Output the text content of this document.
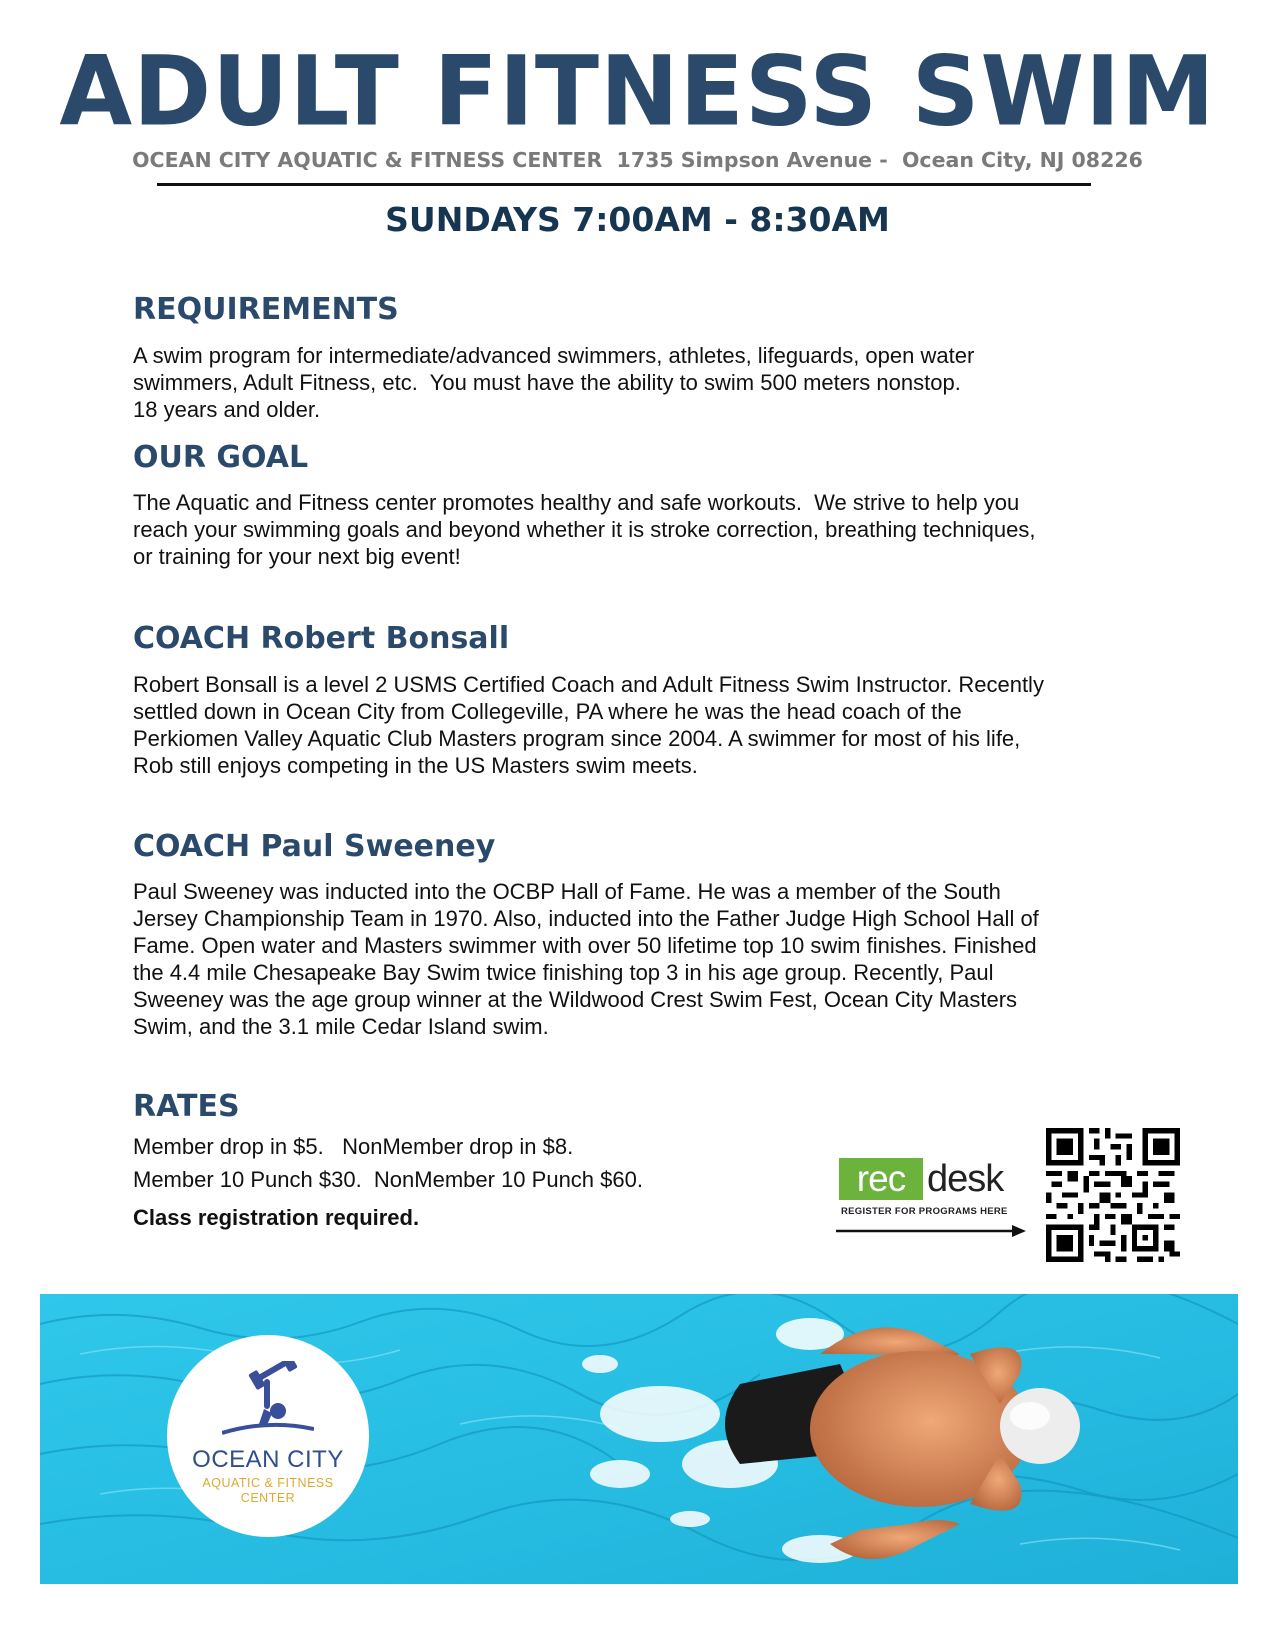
ADULT FITNESS SWIM
OCEAN CITY AQUATIC & FITNESS CENTER  1735 Simpson Avenue -  Ocean City, NJ 08226
SUNDAYS 7:00AM - 8:30AM
REQUIREMENTS
A swim program for intermediate/advanced swimmers, athletes, lifeguards, open water
swimmers, Adult Fitness, etc.  You must have the ability to swim 500 meters nonstop.
18 years and older.
OUR GOAL
The Aquatic and Fitness center promotes healthy and safe workouts.  We strive to help you
reach your swimming goals and beyond whether it is stroke correction, breathing techniques,
or training for your next big event!
COACH Robert Bonsall
Robert Bonsall is a level 2 USMS Certified Coach and Adult Fitness Swim Instructor. Recently
settled down in Ocean City from Collegeville, PA where he was the head coach of the
Perkiomen Valley Aquatic Club Masters program since 2004. A swimmer for most of his life,
Rob still enjoys competing in the US Masters swim meets.
COACH Paul Sweeney
Paul Sweeney was inducted into the OCBP Hall of Fame. He was a member of the South
Jersey Championship Team in 1970. Also, inducted into the Father Judge High School Hall of
Fame. Open water and Masters swimmer with over 50 lifetime top 10 swim finishes. Finished
the 4.4 mile Chesapeake Bay Swim twice finishing top 3 in his age group. Recently, Paul
Sweeney was the age group winner at the Wildwood Crest Swim Fest, Ocean City Masters
Swim, and the 3.1 mile Cedar Island swim.
RATES
Member drop in $5.   NonMember drop in $8.
Member 10 Punch $30.  NonMember 10 Punch $60.
Class registration required.
rec desk
REGISTER FOR PROGRAMS HERE
OCEAN CITY
AQUATIC & FITNESS
CENTER
